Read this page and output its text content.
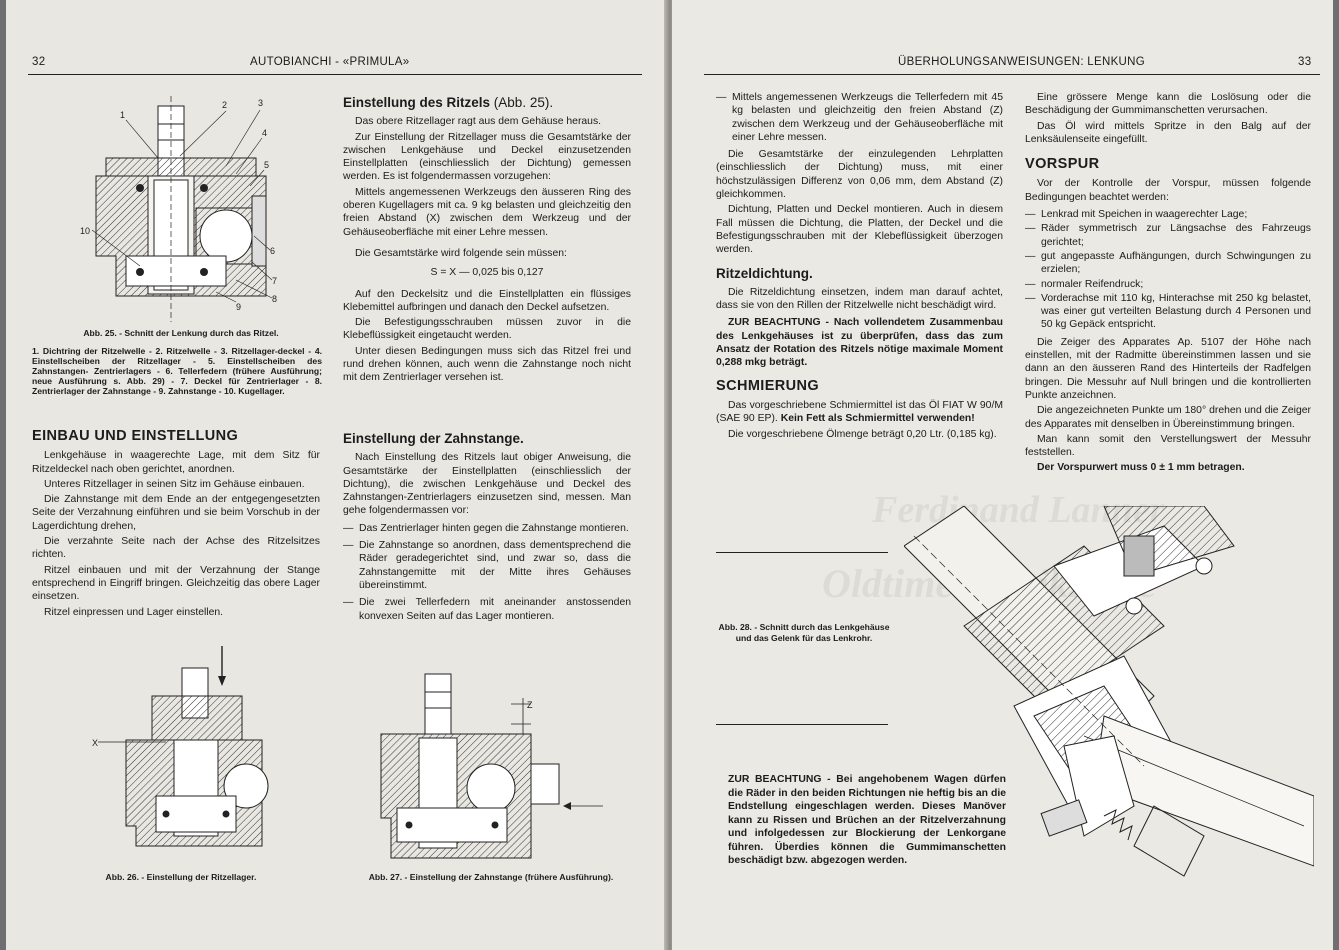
32	AUTOBIANCHI - «PRIMULA»
1
2	3
4
5
6
7
8
9
10
Abb. 25. - Schnitt der Lenkung durch das Ritzel.
1. Dichtring der Ritzelwelle - 2. Ritzelwelle - 3. Ritzellager-deckel - 4. Einstellscheiben der Ritzellager - 5. Einstellscheiben des Zahnstangen- Zentrierlagers - 6. Tellerfedern (frühere Ausführung; neue Ausführung s. Abb. 29) - 7. Deckel für Zentrierlager - 8. Zentrierlager der Zahnstange - 9. Zahnstange - 10. Kugellager.
EINBAU UND EINSTELLUNG

Lenkgehäuse in waagerechte Lage, mit dem Sitz für Ritzeldeckel nach oben gerichtet, anordnen.

Unteres Ritzellager in seinen Sitz im Gehäuse einbauen.

Die Zahnstange mit dem Ende an der entgegengesetzten Seite der Verzahnung einführen und sie beim Vorschub in der Lagerdichtung drehen,

Die verzahnte Seite nach der Achse des Ritzelsitzes richten.

Ritzel einbauen und mit der Verzahnung der Stange entsprechend in Eingriff bringen. Gleichzeitig das obere Lager einsetzen.

Ritzel einpressen und Lager einstellen.

Einstellung des Ritzels (Abb. 25).

Das obere Ritzellager ragt aus dem Gehäuse heraus.

Zur Einstellung der Ritzellager muss die Gesamtstärke der zwischen Lenkgehäuse und Deckel einzusetzenden Einstellplatten (einschliesslich der Dichtung) gemessen werden. Es ist folgendermassen vorzugehen:

Mittels angemessenen Werkzeugs den äusseren Ring des oberen Kugellagers mit ca. 9 kg belasten und gleichzeitig den freien Abstand (X) zwischen dem Werkzeug und der Gehäuseoberfläche mit einer Lehre messen.

Die Gesamtstärke wird folgende sein müssen:

S = X — 0,025 bis 0,127

Auf den Deckelsitz und die Einstellplatten ein flüssiges Klebemittel aufbringen und danach den Deckel aufsetzen.

Die Befestigungsschrauben müssen zuvor in die Klebeflüssigkeit eingetaucht werden.

Unter diesen Bedingungen muss sich das Ritzel frei und rund drehen können, auch wenn die Zahnstange noch nicht mit dem Zentrierlager versehen ist.

Einstellung der Zahnstange.

Nach Einstellung des Ritzels laut obiger Anweisung, die Gesamtstärke der Einstellplatten (einschliesslich der Dichtung), die zwischen Lenkgehäuse und Deckel des Zahnstangen-Zentrierlagers einzusetzen sind, messen. Man gehe folgendermassen vor:

— Das Zentrierlager hinten gegen die Zahnstange montieren.
— Die Zahnstange so anordnen, dass dementsprechend die Räder geradegerichtet sind, und zwar so, dass die Zahnstangemitte mit der Mitte ihres Gehäuses übereinstimmt.
— Die zwei Tellerfedern mit aneinander anstossenden konvexen Seiten auf das Lager montieren.
X
Abb. 26. - Einstellung der Ritzellager.
Z
Abb. 27. - Einstellung der Zahnstange (frühere Ausführung).
Ferdinand Lanner
ÜBERHOLUNGSANWEISUNGEN: LENKUNG	33
— Mittels angemessenen Werkzeugs die Tellerfedern mit 45 kg belasten und gleichzeitig den freien Abstand (Z) zwischen dem Werkzeug und der Gehäuseoberfläche mit einer Lehre messen.

Die Gesamtstärke der einzulegenden Lehrplatten (einschliesslich der Dichtung) muss, mit einer höchstzulässigen Differenz von 0,06 mm, dem Abstand (Z) gleichkommen.

Dichtung, Platten und Deckel montieren. Auch in diesem Fall müssen die Dichtung, die Platten, der Deckel und die Befestigungsschrauben mit der Klebeflüssigkeit überzogen werden.

Ritzeldichtung.

Die Ritzeldichtung einsetzen, indem man darauf achtet, dass sie von den Rillen der Ritzelwelle nicht beschädigt wird.

ZUR BEACHTUNG - Nach vollendetem Zusammenbau des Lenkgehäuses ist zu überprüfen, dass das zum Ansatz der Rotation des Ritzels nötige maximale Moment 0,288 mkg beträgt.

SCHMIERUNG

Das vorgeschriebene Schmiermittel ist das Öl FIAT W 90/M (SAE 90 EP). Kein Fett als Schmiermittel verwenden!

Die vorgeschriebene Ölmenge beträgt 0,20 Ltr. (0,185 kg).

Abb. 28. - Schnitt durch das Lenkgehäuse und das Gelenk für das Lenkrohr.

ZUR BEACHTUNG - Bei angehobenem Wagen dürfen die Räder in den beiden Richtungen nie heftig bis an die Endstellung eingeschlagen werden. Dieses Manöver kann zu Rissen und Brüchen an der Ritzelverzahnung und infolgedessen zur Blockierung der Lenkorgane führen. Überdies können die Gummimanschetten beschädigt bzw. abgezogen werden.

Eine grössere Menge kann die Loslösung oder die Beschädigung der Gummimanschetten verursachen.

Das Öl wird mittels Spritze in den Balg auf der Lenksäulenseite eingefüllt.

VORSPUR

Vor der Kontrolle der Vorspur, müssen folgende Bedingungen beachtet werden:

— Lenkrad mit Speichen in waagerechter Lage;
— Räder symmetrisch zur Längsachse des Fahrzeugs gerichtet;
— gut angepasste Aufhängungen, durch Schwingungen zu erzielen;
— normaler Reifendruck;
— Vorderachse mit 110 kg, Hinterachse mit 250 kg belastet, was einer gut verteilten Belastung durch 4 Personen und 50 kg Gepäck entspricht.

Die Zeiger des Apparates Ap. 5107 der Höhe nach einstellen, mit der Radmitte übereinstimmen lassen und sie dann an den äusseren Rand des Hinterteils der Radfelgen bringen. Die Messuhr auf Null bringen und die kontrollierten Punkte anzeichnen.

Die angezeichneten Punkte um 180° drehen und die Zeiger des Apparates mit denselben in Übereinstimmung bringen.

Man kann somit den Verstellungswert der Messuhr feststellen.

Der Vorspurwert muss 0 ± 1 mm betragen.
